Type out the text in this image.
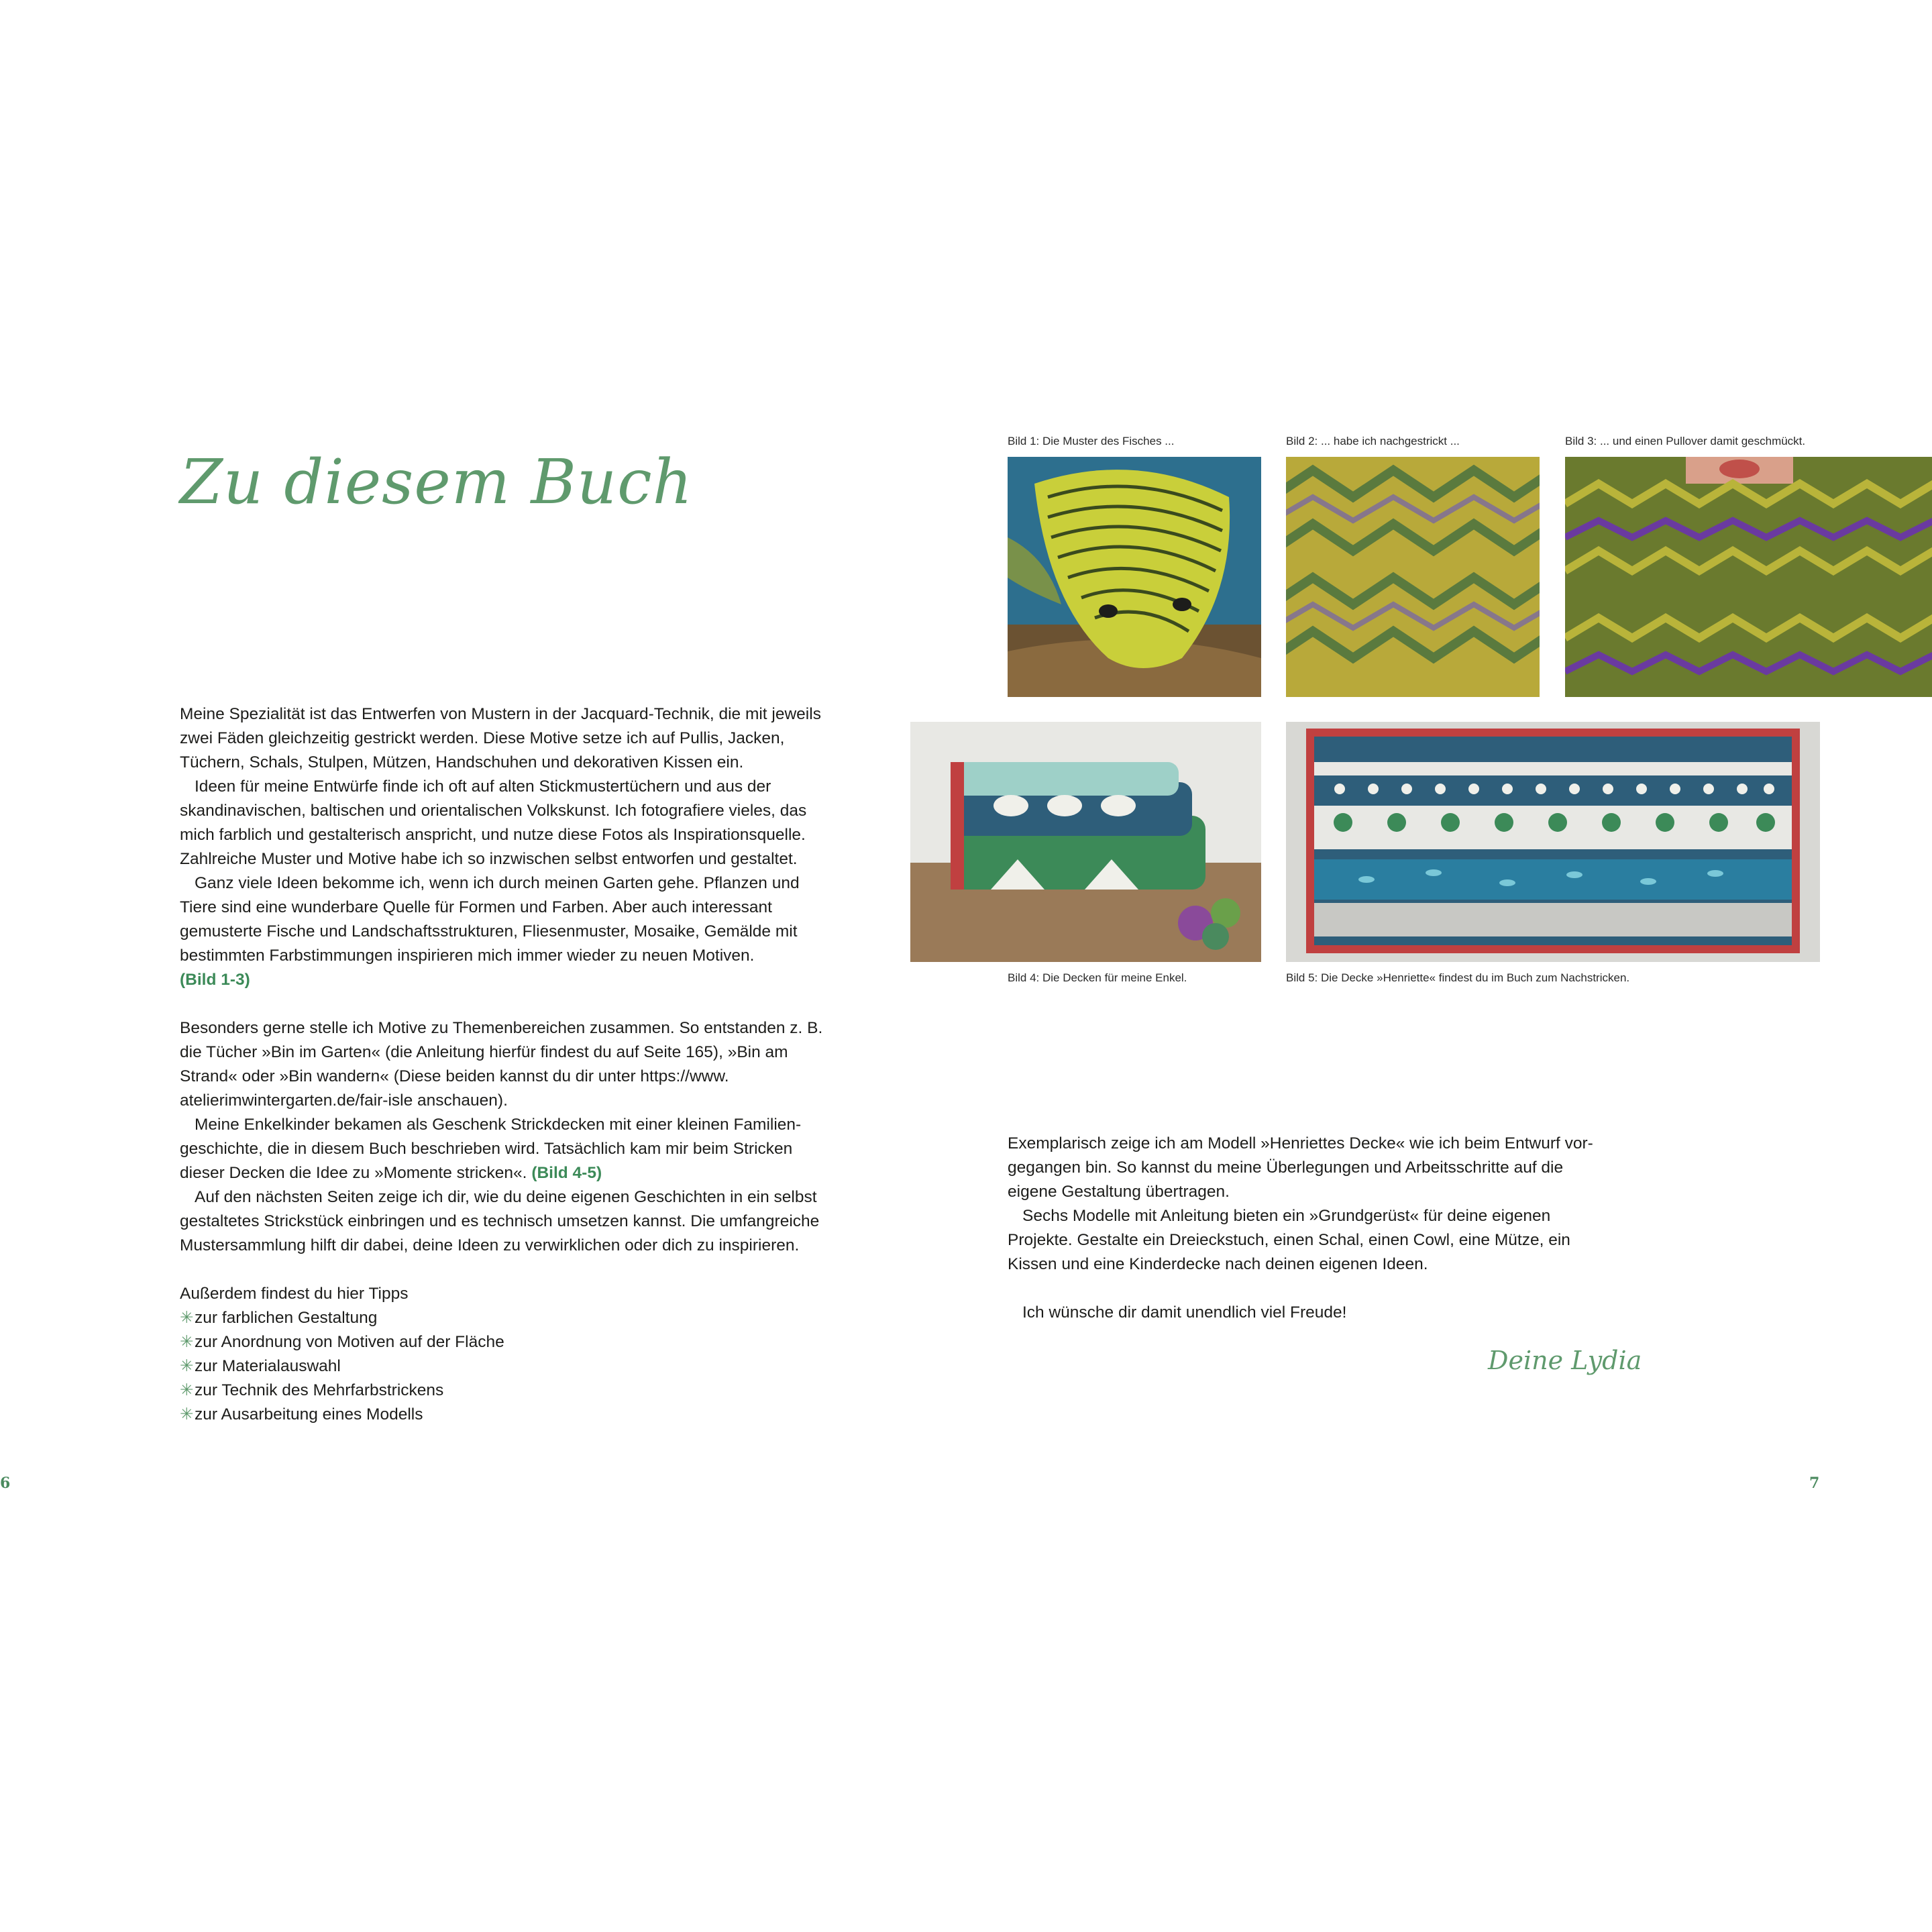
Zu diesem Buch
Bild 1: Die Muster des Fisches ...	Bild 2: ... habe ich nachgestrickt ...	Bild 3: ... und einen Pullover damit geschmückt.
Bild 4: Die Decken für meine Enkel.	Bild 5: Die Decke »Henriette« findest du im Buch zum Nachstricken.

Meine Spezialität ist das Entwerfen von Mustern in der Jacquard-Technik, die mit jeweils zwei Fäden gleichzeitig gestrickt werden. Diese Motive setze ich auf Pullis, Jacken, Tüchern, Schals, Stulpen, Mützen, Handschuhen und dekorativen Kissen ein.

Ideen für meine Entwürfe finde ich oft auf alten Stickmustertüchern und aus der skandinavischen, baltischen und orientalischen Volkskunst. Ich fotografiere vieles, das mich farblich und gestalterisch anspricht, und nutze diese Fotos als Inspirationsquelle. Zahlreiche Muster und Motive habe ich so inzwischen selbst entworfen und gestaltet.

Ganz viele Ideen bekomme ich, wenn ich durch meinen Garten gehe. Pflanzen und Tiere sind eine wunderbare Quelle für Formen und Farben. Aber auch interessant gemusterte Fische und Landschaftsstrukturen, Fliesenmuster, Mosaike, Gemälde mit bestimmten Farbstimmungen inspirieren mich immer wieder zu neuen Motiven.

(Bild 1-3)

Besonders gerne stelle ich Motive zu Themenbereichen zusammen. So entstanden z. B. die Tücher »Bin im Garten« (die Anleitung hierfür findest du auf Seite 165), »Bin am Strand« oder »Bin wandern« (Diese beiden kannst du dir unter https://www. atelierimwintergarten.de/fair-isle anschauen).

Meine Enkelkinder bekamen als Geschenk Strickdecken mit einer kleinen Familien-geschichte, die in diesem Buch beschrieben wird. Tatsächlich kam mir beim Stricken dieser Decken die Idee zu »Momente stricken«. (Bild 4-5)

Auf den nächsten Seiten zeige ich dir, wie du deine eigenen Geschichten in ein selbst gestaltetes Strickstück einbringen und es technisch umsetzen kannst. Die umfangreiche Mustersammlung hilft dir dabei, deine Ideen zu verwirklichen oder dich zu inspirieren.

Außerdem findest du hier Tipps

✳ zur farblichen Gestaltung
✳ zur Anordnung von Motiven auf der Fläche
✳ zur Materialauswahl
✳ zur Technik des Mehrfarbstrickens
✳ zur Ausarbeitung eines Modells

Exemplarisch zeige ich am Modell »Henriettes Decke« wie ich beim Entwurf vor-gegangen bin. So kannst du meine Überlegungen und Arbeitsschritte auf die eigene Gestaltung übertragen.

Sechs Modelle mit Anleitung bieten ein »Grundgerüst« für deine eigenen Projekte. Gestalte ein Dreieckstuch, einen Schal, einen Cowl, eine Mütze, ein Kissen und eine Kinderdecke nach deinen eigenen Ideen.

Ich wünsche dir damit unendlich viel Freude!

Deine Lydia
6	7
